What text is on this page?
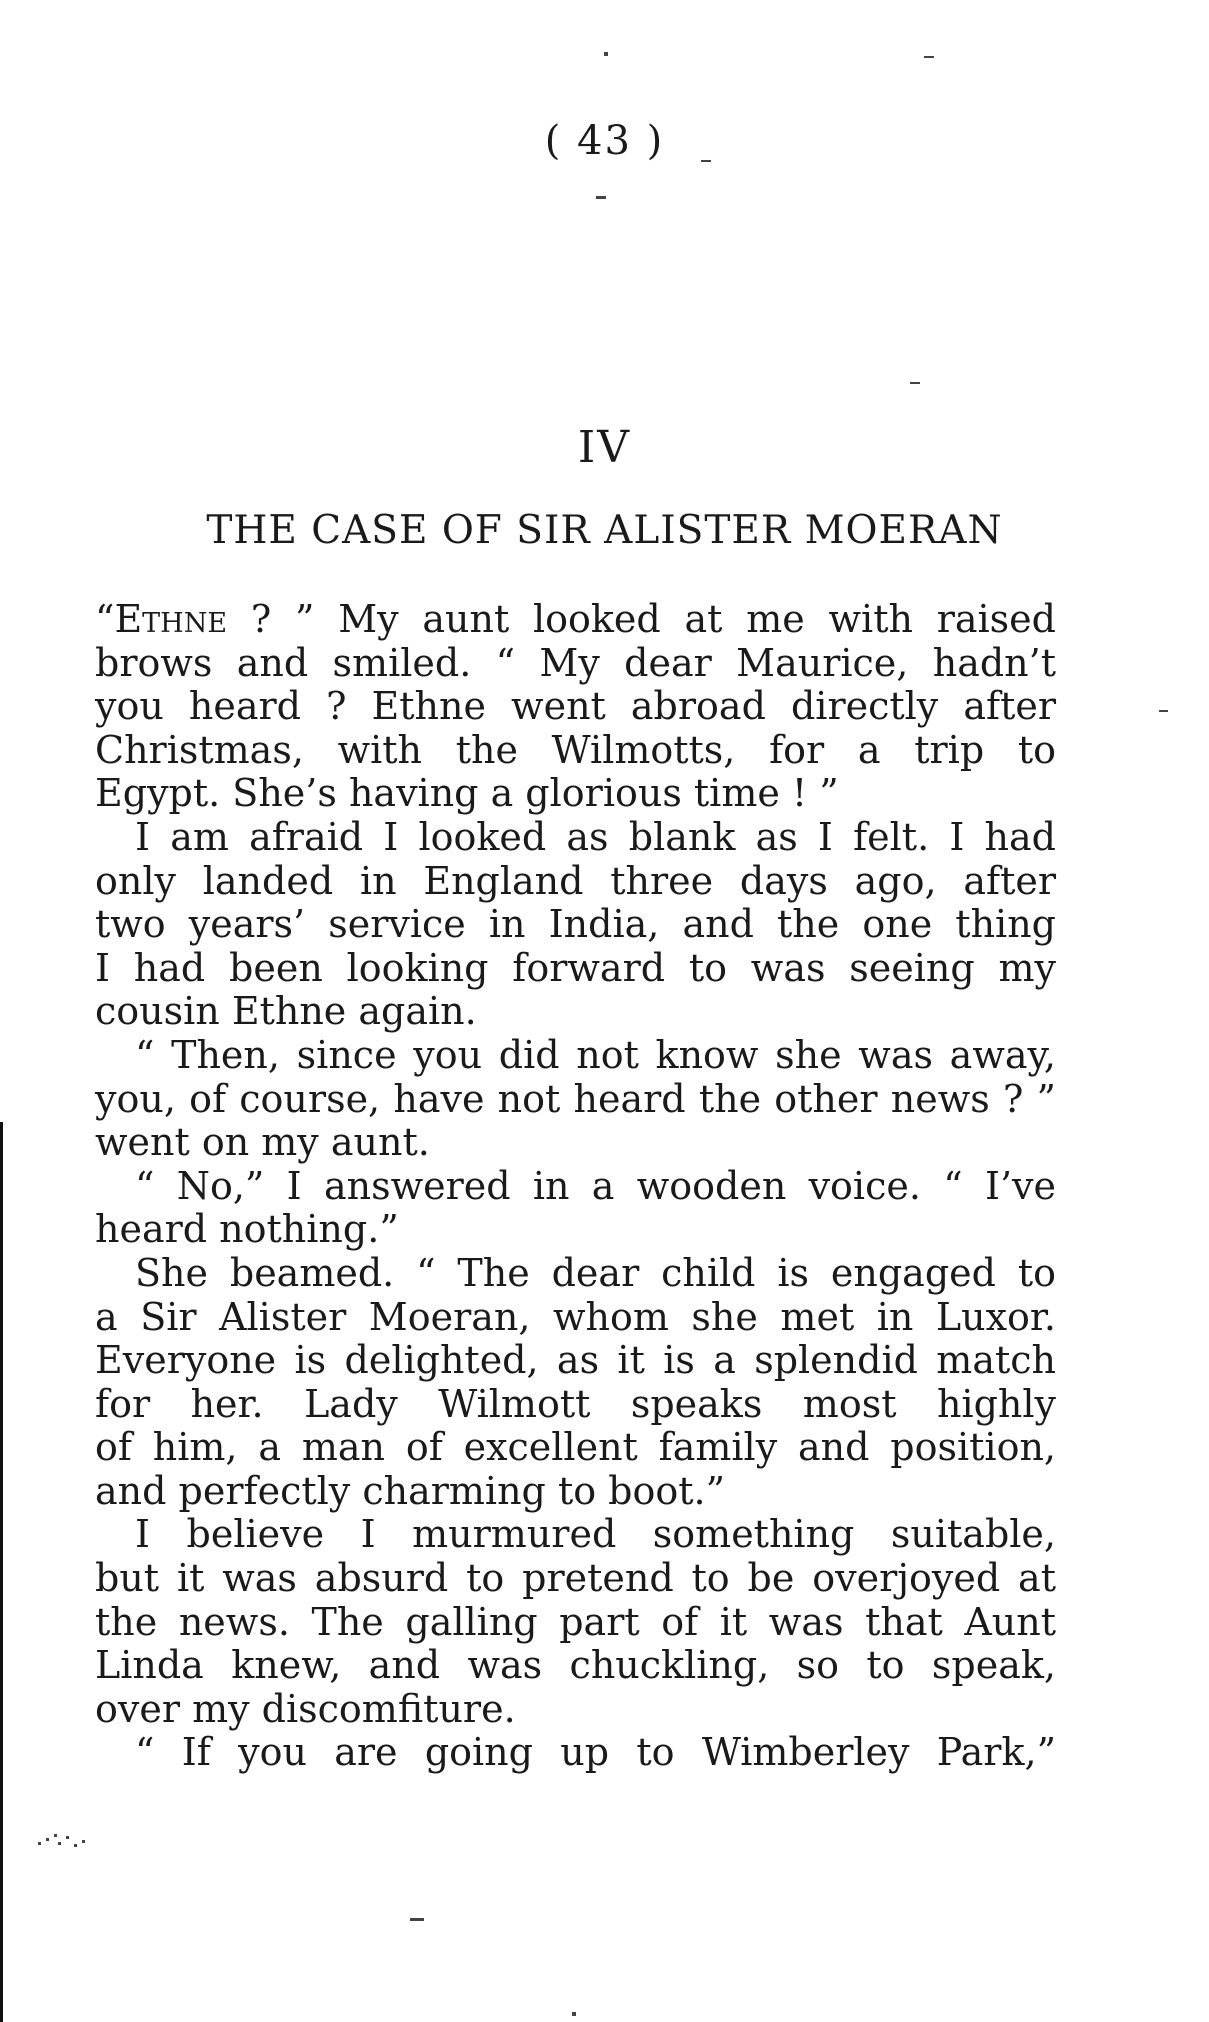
( 43 )
IV
THE CASE OF SIR ALISTER MOERAN
“Ethne ? ” My aunt looked at me with raised
brows and smiled. “ My dear Maurice, hadn’t
you heard ? Ethne went abroad directly after
Christmas, with the Wilmotts, for a trip to
Egypt. She’s having a glorious time ! ”
I am afraid I looked as blank as I felt. I had
only landed in England three days ago, after
two years’ service in India, and the one thing
I had been looking forward to was seeing my
cousin Ethne again.
“ Then, since you did not know she was away,
you, of course, have not heard the other news ? ”
went on my aunt.
“ No,” I answered in a wooden voice. “ I’ve
heard nothing.”
She beamed. “ The dear child is engaged to
a Sir Alister Moeran, whom she met in Luxor.
Everyone is delighted, as it is a splendid match
for her. Lady Wilmott speaks most highly
of him, a man of excellent family and position,
and perfectly charming to boot.”
I believe I murmured something suitable,
but it was absurd to pretend to be overjoyed at
the news. The galling part of it was that Aunt
Linda knew, and was chuckling, so to speak,
over my discomfiture.
“ If you are going up to Wimberley Park,”
